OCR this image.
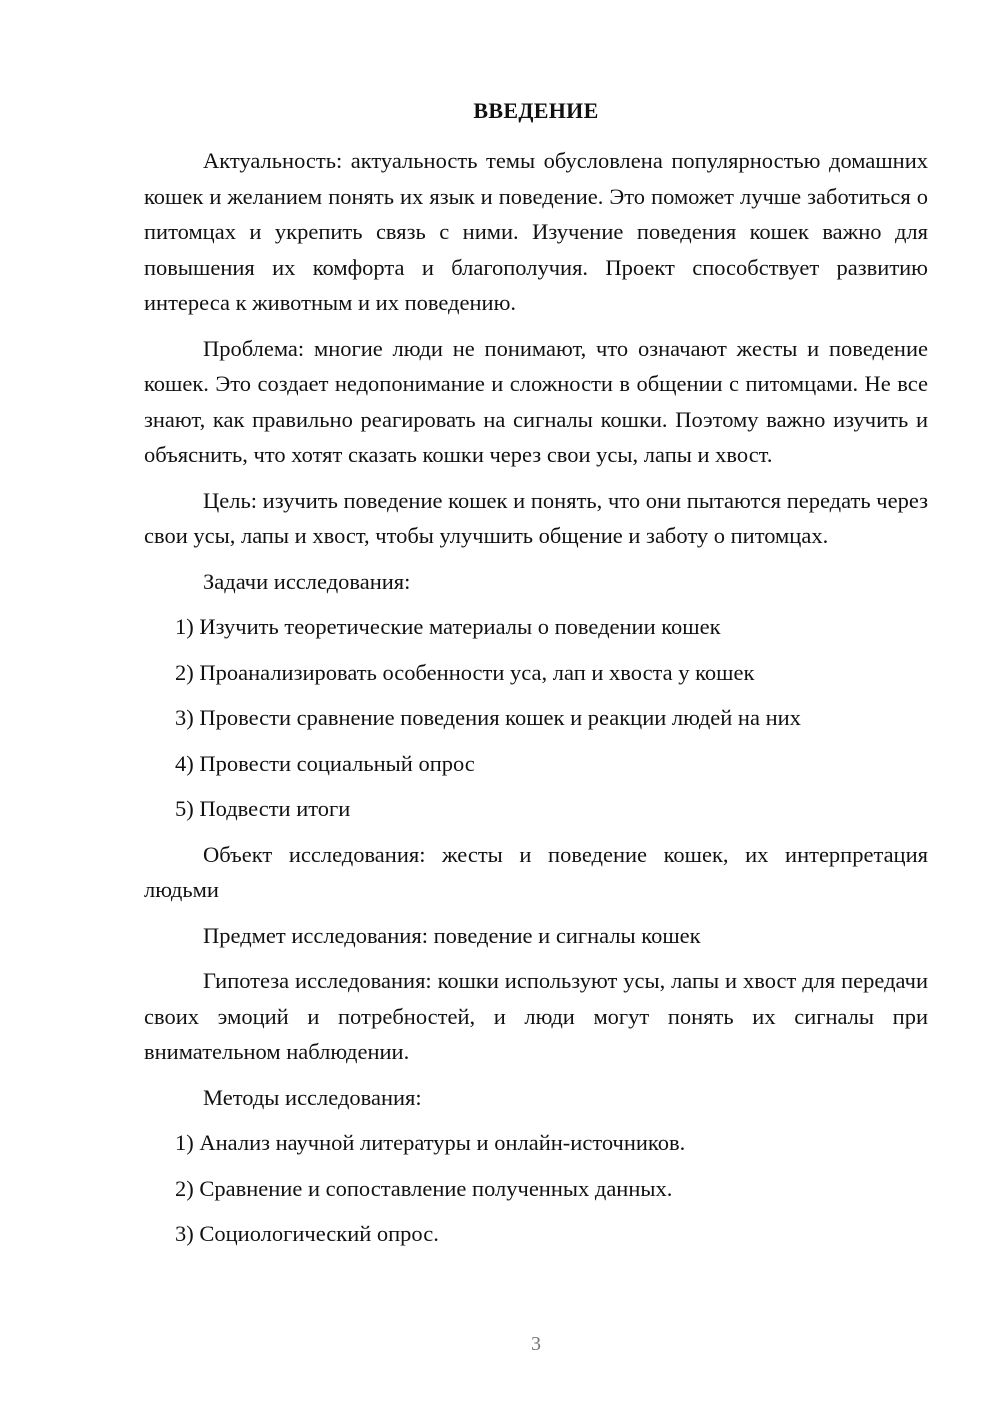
ВВЕДЕНИЕ

Актуальность: актуальность темы обусловлена популярностью домашних кошек и желанием понять их язык и поведение. Это поможет лучше заботиться о питомцах и укрепить связь с ними. Изучение поведения кошек важно для повышения их комфорта и благополучия. Проект способствует развитию интереса к животным и их поведению.

Проблема: многие люди не понимают, что означают жесты и поведение кошек. Это создает недопонимание и сложности в общении с питомцами. Не все знают, как правильно реагировать на сигналы кошки. Поэтому важно изучить и объяснить, что хотят сказать кошки через свои усы, лапы и хвост.

Цель: изучить поведение кошек и понять, что они пытаются передать через свои усы, лапы и хвост, чтобы улучшить общение и заботу о питомцах.

Задачи исследования:

1) Изучить теоретические материалы о поведении кошек

2) Проанализировать особенности уса, лап и хвоста у кошек

3) Провести сравнение поведения кошек и реакции людей на них

4) Провести социальный опрос

5) Подвести итоги

Объект исследования: жесты и поведение кошек, их интерпретация людьми

Предмет исследования: поведение и сигналы кошек

Гипотеза исследования: кошки используют усы, лапы и хвост для передачи своих эмоций и потребностей, и люди могут понять их сигналы при внимательном наблюдении.

Методы исследования:

1) Анализ научной литературы и онлайн-источников.

2) Сравнение и сопоставление полученных данных.

3) Социологический опрос.

3
